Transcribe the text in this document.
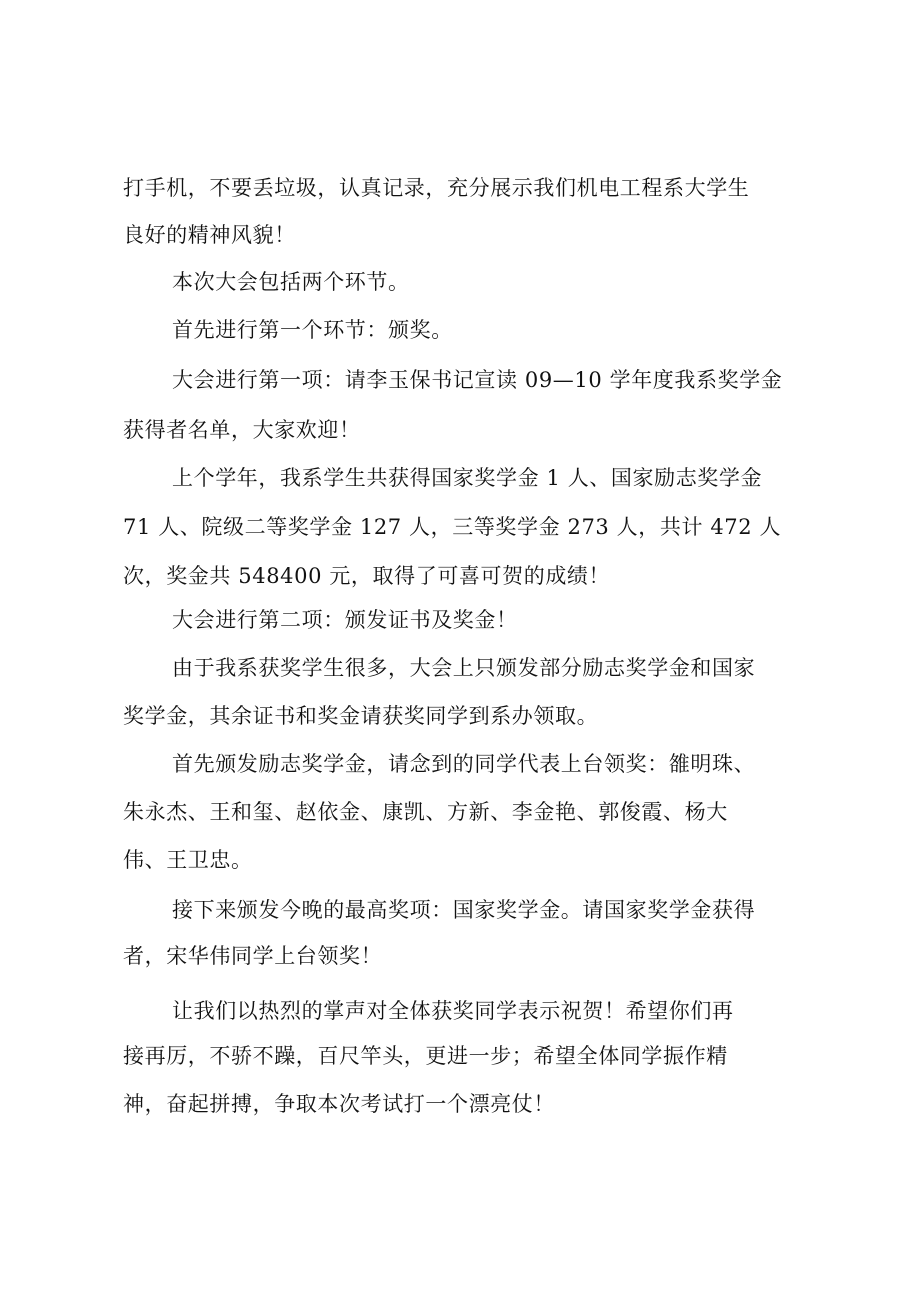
打手机，不要丢垃圾，认真记录，充分展示我们机电工程系大学生

良好的精神风貌！

本次大会包括两个环节。

首先进行第一个环节：颁奖。

大会进行第一项：请李玉保书记宣读 09—10 学年度我系奖学金

获得者名单，大家欢迎！

上个学年，我系学生共获得国家奖学金 1 人、国家励志奖学金

71 人、院级二等奖学金 127 人，三等奖学金 273 人，共计 472 人

次，奖金共 548400 元，取得了可喜可贺的成绩！

大会进行第二项：颁发证书及奖金！

由于我系获奖学生很多，大会上只颁发部分励志奖学金和国家

奖学金，其余证书和奖金请获奖同学到系办领取。

首先颁发励志奖学金，请念到的同学代表上台领奖：雒明珠、

朱永杰、王和玺、赵依金、康凯、方新、李金艳、郭俊霞、杨大

伟、王卫忠。

接下来颁发今晚的最高奖项：国家奖学金。请国家奖学金获得

者，宋华伟同学上台领奖！

让我们以热烈的掌声对全体获奖同学表示祝贺！希望你们再

接再厉，不骄不躁，百尺竿头，更进一步；希望全体同学振作精

神，奋起拼搏，争取本次考试打一个漂亮仗！
